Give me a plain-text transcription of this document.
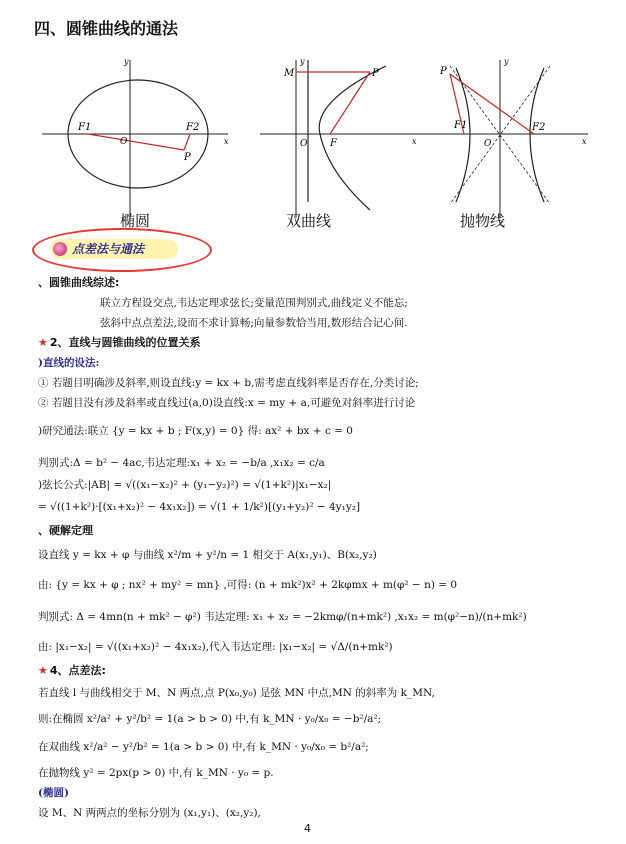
四、圆锥曲线的通法
y
x
F1	F2
O
P
y
x
M	P
O F
y
x
P
F1
O
F2
椭圆	双曲线	抛物线
点差法与通法
、圆锥曲线综述:
联立方程设交点,韦达定理求弦长;变量范围判别式,曲线定义不能忘;
弦斜中点点差法,设而不求计算畅;向量参数恰当用,数形结合记心间.
★ 2、直线与圆锥曲线的位置关系
)直线的设法:
① 若题目明确涉及斜率,则设直线:y = kx + b,需考虑直线斜率是否存在,分类讨论;
② 若题目没有涉及斜率或直线过(a,0)设直线:x = my + a,可避免对斜率进行讨论
)研究通法:联立 {y = kx + b ; F(x,y) = 0} 得: ax² + bx + c = 0
判别式:Δ = b² − 4ac,韦达定理:x₁ + x₂ = −b/a ,x₁x₂ = c/a
)弦长公式:|AB| = √((x₁−x₂)² + (y₁−y₂)²) = √(1+k²)|x₁−x₂|
= √((1+k²)·[(x₁+x₂)² − 4x₁x₂]) = √(1 + 1/k²)[(y₁+y₂)² − 4y₁y₂]
、硬解定理
设直线 y = kx + φ 与曲线 x²/m + y²/n = 1 相交于 A(x₁,y₁)、B(x₂,y₂)
由: {y = kx + φ ; nx² + my² = mn} ,可得: (n + mk²)x² + 2kφmx + m(φ² − n) = 0
判别式: Δ = 4mn(n + mk² − φ²) 韦达定理: x₁ + x₂ = −2kmφ/(n+mk²) ,x₁x₂ = m(φ²−n)/(n+mk²)
由: |x₁−x₂| = √((x₁+x₂)² − 4x₁x₂),代入韦达定理: |x₁−x₂| = √Δ/(n+mk²)
★ 4、点差法:
若直线 l 与曲线相交于 M、N 两点,点 P(x₀,y₀) 是弦 MN 中点,MN 的斜率为 k_MN,
则:在椭圆 x²/a² + y²/b² = 1(a > b > 0) 中,有 k_MN · y₀/x₀ = −b²/a²;
在双曲线 x²/a² − y²/b² = 1(a > b > 0) 中,有 k_MN · y₀/x₀ = b²/a²;
在抛物线 y² = 2px(p > 0) 中,有 k_MN · y₀ = p.
(椭圆)
设 M、N 两两点的坐标分别为 (x₁,y₁)、(x₂,y₂),
4
